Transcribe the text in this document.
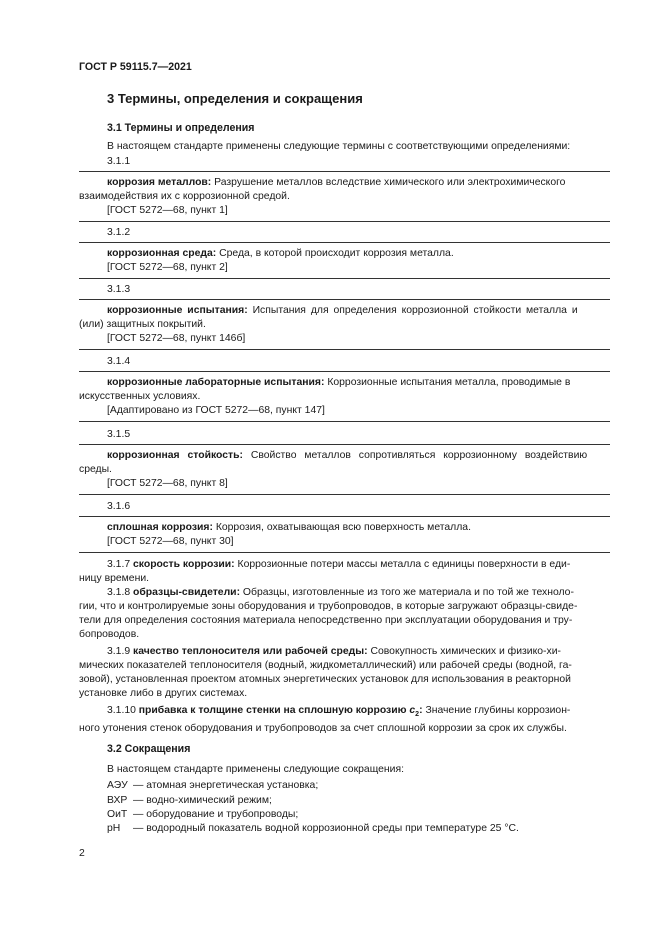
ГОСТ Р 59115.7—2021
3 Термины, определения и сокращения
3.1 Термины и определения
В настоящем стандарте применены следующие термины с соответствующими определениями:
3.1.1
коррозия металлов: Разрушение металлов вследствие химического или электрохимического
взаимодействия их с коррозионной средой.
[ГОСТ 5272—68, пункт 1]
3.1.2
коррозионная среда: Среда, в которой происходит коррозия металла.
[ГОСТ 5272—68, пункт 2]
3.1.3
коррозионные испытания: Испытания для определения коррозионной стойкости металла и
(или) защитных покрытий.
[ГОСТ 5272—68, пункт 146б]
3.1.4
коррозионные лабораторные испытания: Коррозионные испытания металла, проводимые в
искусственных условиях.
[Адаптировано из ГОСТ 5272—68, пункт 147]
3.1.5
коррозионная стойкость: Свойство металлов сопротивляться коррозионному воздействию
среды.
[ГОСТ 5272—68, пункт 8]
3.1.6
сплошная коррозия: Коррозия, охватывающая всю поверхность металла.
[ГОСТ 5272—68, пункт 30]
3.1.7 скорость коррозии: Коррозионные потери массы металла с единицы поверхности в еди-
ницу времени.
3.1.8 образцы-свидетели: Образцы, изготовленные из того же материала и по той же техноло-
гии, что и контролируемые зоны оборудования и трубопроводов, в которые загружают образцы-свиде-
тели для определения состояния материала непосредственно при эксплуатации оборудования и тру-
бопроводов.
3.1.9 качество теплоносителя или рабочей среды: Совокупность химических и физико-хи-
мических показателей теплоносителя (водный, жидкометаллический) или рабочей среды (водной, га-
зовой), установленная проектом атомных энергетических установок для использования в реакторной
установке либо в других системах.
3.1.10 прибавка к толщине стенки на сплошную коррозию $c_2$: Значение глубины коррозион-
ного утонения стенок оборудования и трубопроводов за счет сплошной коррозии за срок их службы.
3.2 Сокращения
В настоящем стандарте применены следующие сокращения:
АЭУ — атомная энергетическая установка;
ВХР — водно-химический режим;
ОиТ — оборудование и трубопроводы;
pH — водородный показатель водной коррозионной среды при температуре 25 °C.
2
